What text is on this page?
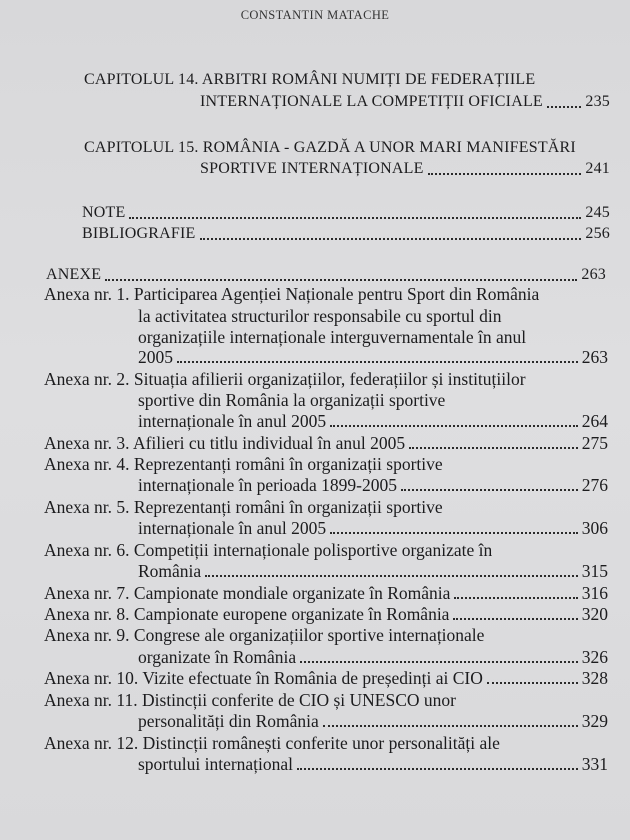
CONSTANTIN MATACHE
CAPITOLUL 14. ARBITRI ROMÂNI NUMIȚI DE FEDERAȚIILE
INTERNAȚIONALE LA COMPETIȚII OFICIALE	235
CAPITOLUL 15. ROMÂNIA - GAZDĂ A UNOR MARI MANIFESTĂRI
SPORTIVE INTERNAȚIONALE	241
NOTE	245
BIBLIOGRAFIE	256
ANEXE	263
Anexa nr. 1. Participarea Agenției Naționale pentru Sport din România
la activitatea structurilor responsabile cu sportul din
organizațiile internaționale interguvernamentale în anul
2005	263
Anexa nr. 2. Situația afilierii organizațiilor, federațiilor și instituțiilor
sportive din România la organizații sportive
internaționale în anul 2005	264
Anexa nr. 3. Afilieri cu titlu individual în anul 2005	275
Anexa nr. 4. Reprezentanți români în organizații sportive
internaționale în perioada 1899-2005	276
Anexa nr. 5. Reprezentanți români în organizații sportive
internaționale în anul 2005	306
Anexa nr. 6. Competiții internaționale polisportive organizate în
România	315
Anexa nr. 7. Campionate mondiale organizate în România	316
Anexa nr. 8. Campionate europene organizate în România	320
Anexa nr. 9. Congrese ale organizațiilor sportive internaționale
organizate în România	326
Anexa nr. 10. Vizite efectuate în România de președinți ai CIO	328
Anexa nr. 11. Distincții conferite de CIO și UNESCO unor
personalități din România	329
Anexa nr. 12. Distincții românești conferite unor personalități ale
sportului internațional	331
